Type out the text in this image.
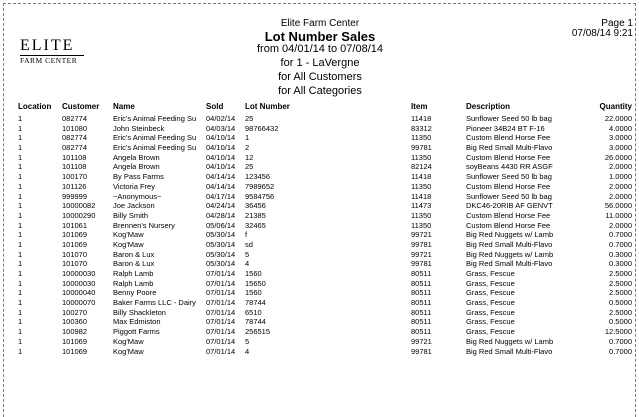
ELITE
FARM CENTER
Elite Farm Center
Lot Number Sales
from 04/01/14 to 07/08/14
for 1 - LaVergne
for All Customers
for All Categories
Page 1
07/08/14 9:21
Location Customer Name	Sold	Lot Number	Item	Description	Quantity
1	082774	Eric's Animal Feeding Su	04/02/14	25	11418	Sunflower Seed 50 lb bag	22.0000
1	101080	John Steinbeck	04/03/14	98766432	83312	Pioneer 34B24 BT F-16	4.0000
1	082774	Eric's Animal Feeding Su	04/10/14	1	11350	Custom Blend Horse Fee	3.0000
1	082774	Eric's Animal Feeding Su	04/10/14	2	99781	Big Red Small Multi-Flavo	3.0000
1	101108	Angela Brown	04/10/14	12	11350	Custom Blend Horse Fee	26.0000
1	101108	Angela Brown	04/10/14	25	82124	soyBeans 4430 RR ASGF	2.0000
1	100170	By Pass Farms	04/14/14	123456	11418	Sunflower Seed 50 lb bag	1.0000
1	101126	Victoria Frey	04/14/14	7989652	11350	Custom Blend Horse Fee	2.0000
1	999999	~Anonymous~	04/17/14	9584756	11418	Sunflower Seed 50 lb bag	2.0000
1	10000082	Joe Jackson	04/24/14	36456	11473	DKC46-20RIB AF GENVT	56.0000
1	10000290	Billy Smith	04/28/14	21385	11350	Custom Blend Horse Fee	11.0000
1	101061	Brennen's Nursery	05/06/14	32465	11350	Custom Blend Horse Fee	2.0000
1	101069	Kog'Maw	05/30/14	f	99721	Big Red Nuggets w/ Lamb	0.7000
1	101069	Kog'Maw	05/30/14	sd	99781	Big Red Small Multi-Flavo	0.7000
1	101070	Baron & Lux	05/30/14	5	99721	Big Red Nuggets w/ Lamb	0.3000
1	101070	Baron & Lux	05/30/14	4	99781	Big Red Small Multi-Flavo	0.3000
1	10000030	Ralph Lamb	07/01/14	1560	80511	Grass, Fescue	2.5000
1	10000030	Ralph Lamb	07/01/14	15650	80511	Grass, Fescue	2.5000
1	10000040	Benny Poore	07/01/14	1560	80511	Grass, Fescue	2.5000
1	10000070	Baker Farms LLC - Dairy	07/01/14	78744	80511	Grass, Fescue	0.5000
1	100270	Billy Shackleton	07/01/14	6510	80511	Grass, Fescue	2.5000
1	100360	Max Edmiston	07/01/14	78744	80511	Grass, Fescue	0.5000
1	100982	Piggott Farms	07/01/14	256515	80511	Grass, Fescue	12.5000
1	101069	Kog'Maw	07/01/14	5	99721	Big Red Nuggets w/ Lamb	0.7000
1	101069	Kog'Maw	07/01/14	4	99781	Big Red Small Multi-Flavo	0.7000
